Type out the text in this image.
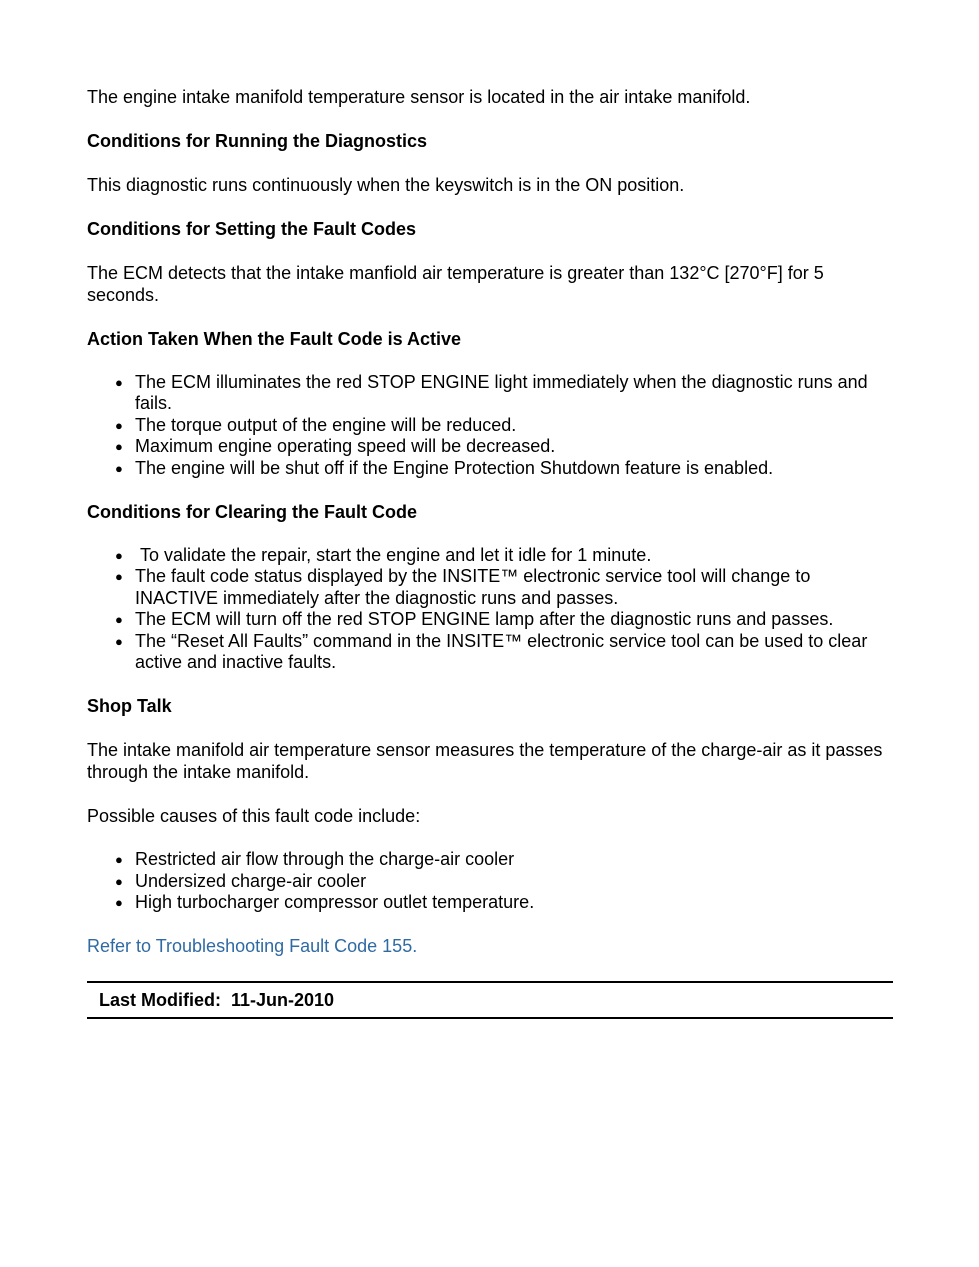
The engine intake manifold temperature sensor is located in the air intake manifold.

Conditions for Running the Diagnostics

This diagnostic runs continuously when the keyswitch is in the ON position.

Conditions for Setting the Fault Codes

The ECM detects that the intake manfiold air temperature is greater than 132°C [270°F] for 5 seconds.

Action Taken When the Fault Code is Active

● The ECM illuminates the red STOP ENGINE light immediately when the diagnostic runs and fails.
● The torque output of the engine will be reduced.
● Maximum engine operating speed will be decreased.
● The engine will be shut off if the Engine Protection Shutdown feature is enabled.

Conditions for Clearing the Fault Code

● To validate the repair, start the engine and let it idle for 1 minute.
● The fault code status displayed by the INSITE™ electronic service tool will change to INACTIVE immediately after the diagnostic runs and passes.
● The ECM will turn off the red STOP ENGINE lamp after the diagnostic runs and passes.
● The “Reset All Faults” command in the INSITE™ electronic service tool can be used to clear active and inactive faults.

Shop Talk

The intake manifold air temperature sensor measures the temperature of the charge-air as it passes through the intake manifold.

Possible causes of this fault code include:

● Restricted air flow through the charge-air cooler
● Undersized charge-air cooler
● High turbocharger compressor outlet temperature.
Refer to Troubleshooting Fault Code 155.
Last Modified:  11-Jun-2010
